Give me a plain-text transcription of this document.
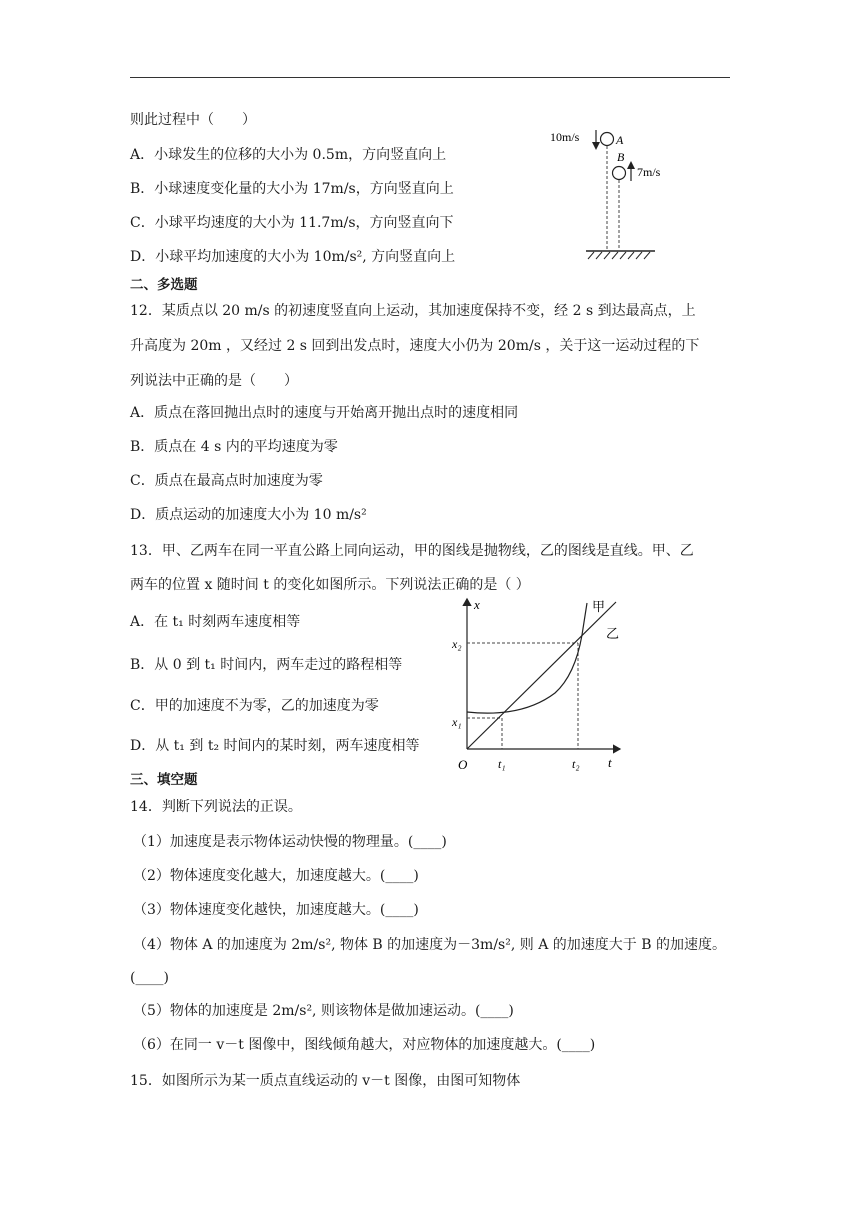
则此过程中（　　）
A．小球发生的位移的大小为 0.5m，方向竖直向上
B．小球速度变化量的大小为 17m/s，方向竖直向上
C．小球平均速度的大小为 11.7m/s，方向竖直向下
D．小球平均加速度的大小为 10m/s², 方向竖直向上
10m/s	A
B
7m/s
二、多选题
12．某质点以 20 m/s 的初速度竖直向上运动，其加速度保持不变，经 2 s 到达最高点，上
升高度为 20m ，又经过 2 s 回到出发点时，速度大小仍为 20m/s ，关于这一运动过程的下
列说法中正确的是（　　）
A．质点在落回抛出点时的速度与开始离开抛出点时的速度相同
B．质点在 4 s 内的平均速度为零
C．质点在最高点时加速度为零
D．质点运动的加速度大小为 10 m/s²
13．甲、乙两车在同一平直公路上同向运动，甲的图线是抛物线，乙的图线是直线。甲、乙
两车的位置 x 随时间 t 的变化如图所示。下列说法正确的是（ ）
A．在 t₁ 时刻两车速度相等
B．从 0 到 t₁ 时间内，两车走过的路程相等
C．甲的加速度不为零，乙的加速度为零
D．从 t₁ 到 t₂ 时间内的某时刻，两车速度相等
x
t
O
x₁
x₂
t₁	t₂
甲
乙
三、填空题
14．判断下列说法的正误。
（1）加速度是表示物体运动快慢的物理量。(____)
（2）物体速度变化越大，加速度越大。(____)
（3）物体速度变化越快，加速度越大。(____)
（4）物体 A 的加速度为 2m/s², 物体 B 的加速度为－3m/s², 则 A 的加速度大于 B 的加速度。
(____)
（5）物体的加速度是 2m/s², 则该物体是做加速运动。(____)
（6）在同一 v－t 图像中，图线倾角越大，对应物体的加速度越大。(____)
15．如图所示为某一质点直线运动的 v－t 图像，由图可知物体
